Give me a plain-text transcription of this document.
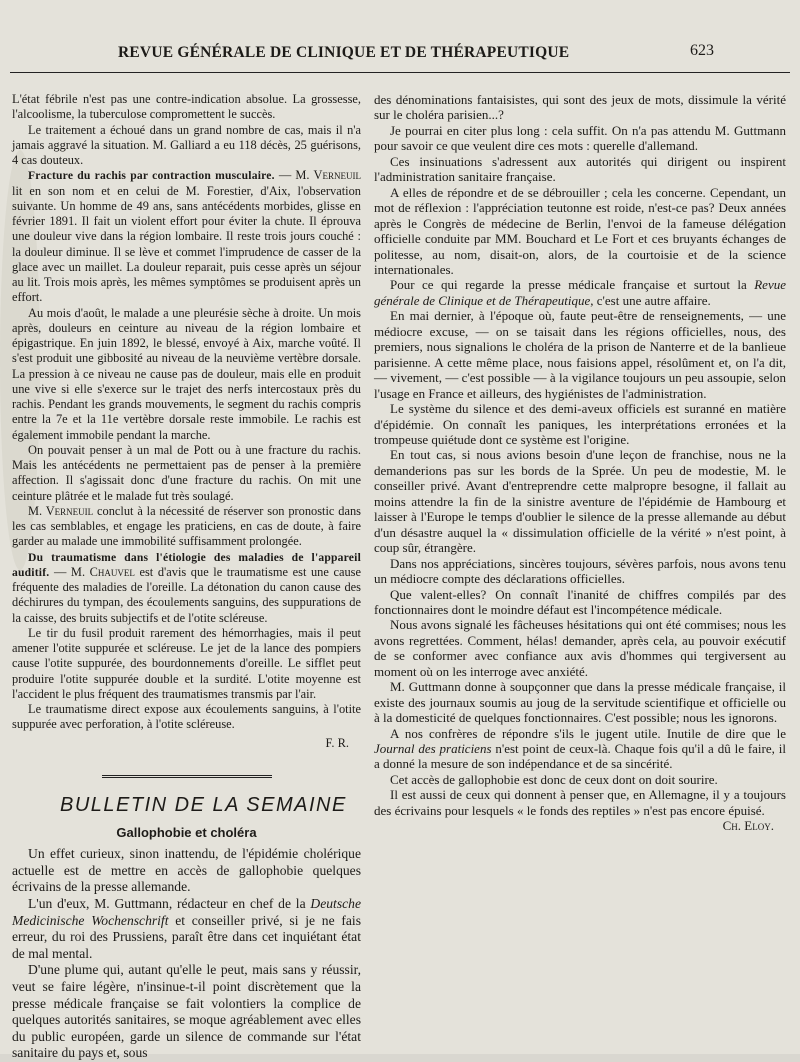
REVUE GÉNÉRALE DE CLINIQUE ET DE THÉRAPEUTIQUE	623

L'état fébrile n'est pas une contre-indication absolue. La grossesse, l'alcoolisme, la tuberculose compromettent le succès.

Le traitement a échoué dans un grand nombre de cas, mais il n'a jamais aggravé la situation. M. Galliard a eu 118 décès, 25 guérisons, 4 cas douteux.

Fracture du rachis par contraction musculaire. — M. Verneuil lit en son nom et en celui de M. Forestier, d'Aix, l'observation suivante. Un homme de 49 ans, sans antécédents morbides, glisse en février 1891. Il fait un violent effort pour éviter la chute. Il éprouva une douleur vive dans la région lombaire. Il reste trois jours couché : la douleur diminue. Il se lève et commet l'imprudence de casser de la glace avec un maillet. La douleur reparait, puis cesse après un séjour au lit. Trois mois après, les mêmes symptômes se produisent après un effort.

Au mois d'août, le malade a une pleurésie sèche à droite. Un mois après, douleurs en ceinture au niveau de la région lombaire et épigastrique. En juin 1892, le blessé, envoyé à Aix, marche voûté. Il s'est produit une gibbosité au niveau de la neuvième vertèbre dorsale. La pression à ce niveau ne cause pas de douleur, mais elle en produit une vive si elle s'exerce sur le trajet des nerfs intercostaux près du rachis. Pendant les grands mouvements, le segment du rachis compris entre la 7e et la 11e vertèbre dorsale reste immobile. Le rachis est également immobile pendant la marche.

On pouvait penser à un mal de Pott ou à une fracture du rachis. Mais les antécédents ne permettaient pas de penser à la première affection. Il s'agissait donc d'une fracture du rachis. On mit une ceinture plâtrée et le malade fut très soulagé.

M. Verneuil conclut à la nécessité de réserver son pronostic dans les cas semblables, et engage les praticiens, en cas de doute, à faire garder au malade une immobilité suffisamment prolongée.

Du traumatisme dans l'étiologie des maladies de l'appareil auditif. — M. Chauvel est d'avis que le traumatisme est une cause fréquente des maladies de l'oreille. La détonation du canon cause des déchirures du tympan, des écoulements sanguins, des suppurations de la caisse, des bruits subjectifs et de l'otite scléreuse.

Le tir du fusil produit rarement des hémorrhagies, mais il peut amener l'otite suppurée et scléreuse. Le jet de la lance des pompiers cause l'otite suppurée, des bourdonnements d'oreille. Le sifflet peut produire l'otite suppurée double et la surdité. L'otite moyenne est l'accident le plus fréquent des traumatismes transmis par l'air.

Le traumatisme direct expose aux écoulements sanguins, à l'otite suppurée avec perforation, à l'otite scléreuse.

F. R.

BULLETIN DE LA SEMAINE
Gallophobie et choléra

Un effet curieux, sinon inattendu, de l'épidémie cholérique actuelle est de mettre en accès de gallophobie quelques écrivains de la presse allemande.

L'un d'eux, M. Guttmann, rédacteur en chef de la Deutsche Medicinische Wochenschrift et conseiller privé, si je ne fais erreur, du roi des Prussiens, paraît être dans cet inquiétant état de mal mental.

D'une plume qui, autant qu'elle le peut, mais sans y réussir, veut se faire légère, n'insinue-t-il point discrètement que la presse médicale française se fait volontiers la complice de quelques autorités sanitaires, se moque agréablement avec elles du public européen, garde un silence de commande sur l'état sanitaire du pays et, sous

des dénominations fantaisistes, qui sont des jeux de mots, dissimule la vérité sur le choléra parisien...?

Je pourrai en citer plus long : cela suffit. On n'a pas attendu M. Guttmann pour savoir ce que veulent dire ces mots : querelle d'allemand.

Ces insinuations s'adressent aux autorités qui dirigent ou inspirent l'administration sanitaire française.

A elles de répondre et de se débrouiller ; cela les concerne. Cependant, un mot de réflexion : l'appréciation teutonne est roide, n'est-ce pas? Deux années après le Congrès de médecine de Berlin, l'envoi de la fameuse délégation officielle conduite par MM. Bouchard et Le Fort et ces bruyants échanges de politesse, au nom, disait-on, alors, de la courtoisie et de la science internationales.

Pour ce qui regarde la presse médicale française et surtout la Revue générale de Clinique et de Thérapeutique, c'est une autre affaire.

En mai dernier, à l'époque où, faute peut-être de renseignements, — une médiocre excuse, — on se taisait dans les régions officielles, nous, des premiers, nous signalions le choléra de la prison de Nanterre et de la banlieue parisienne. A cette même place, nous faisions appel, résolûment et, on l'a dit, — vivement, — c'est possible — à la vigilance toujours un peu assoupie, selon l'usage en France et ailleurs, des hygiénistes de l'administration.

Le système du silence et des demi-aveux officiels est suranné en matière d'épidémie. On connaît les paniques, les interprétations erronées et la trompeuse quiétude dont ce système est l'origine.

En tout cas, si nous avions besoin d'une leçon de franchise, nous ne la demanderions pas sur les bords de la Sprée. Un peu de modestie, M. le conseiller privé. Avant d'entreprendre cette malpropre besogne, il fallait au moins attendre la fin de la sinistre aventure de l'épidémie de Hambourg et laisser à l'Europe le temps d'oublier le silence de la presse allemande au début d'un désastre auquel la « dissimulation officielle de la vérité » n'est point, à coup sûr, étrangère.

Dans nos appréciations, sincères toujours, sévères parfois, nous avons tenu un médiocre compte des déclarations officielles.

Que valent-elles? On connaît l'inanité de chiffres compilés par des fonctionnaires dont le moindre défaut est l'incompétence médicale.

Nous avons signalé les fâcheuses hésitations qui ont été commises; nous les avons regrettées. Comment, hélas! demander, après cela, au pouvoir exécutif de se conformer avec confiance aux avis d'hommes qui tergiversent au moment où on les interroge avec anxiété.

M. Guttmann donne à soupçonner que dans la presse médicale française, il existe des journaux soumis au joug de la servitude scientifique et officielle ou à la domesticité de quelques fonctionnaires. C'est possible; nous les ignorons.

A nos confrères de répondre s'ils le jugent utile. Inutile de dire que le Journal des praticiens n'est point de ceux-là. Chaque fois qu'il a dû le faire, il a donné la mesure de son indépendance et de sa sincérité.

Cet accès de gallophobie est donc de ceux dont on doit sourire.

Il est aussi de ceux qui donnent à penser que, en Allemagne, il y a toujours des écrivains pour lesquels « le fonds des reptiles » n'est pas encore épuisé.

Ch. Eloy.
